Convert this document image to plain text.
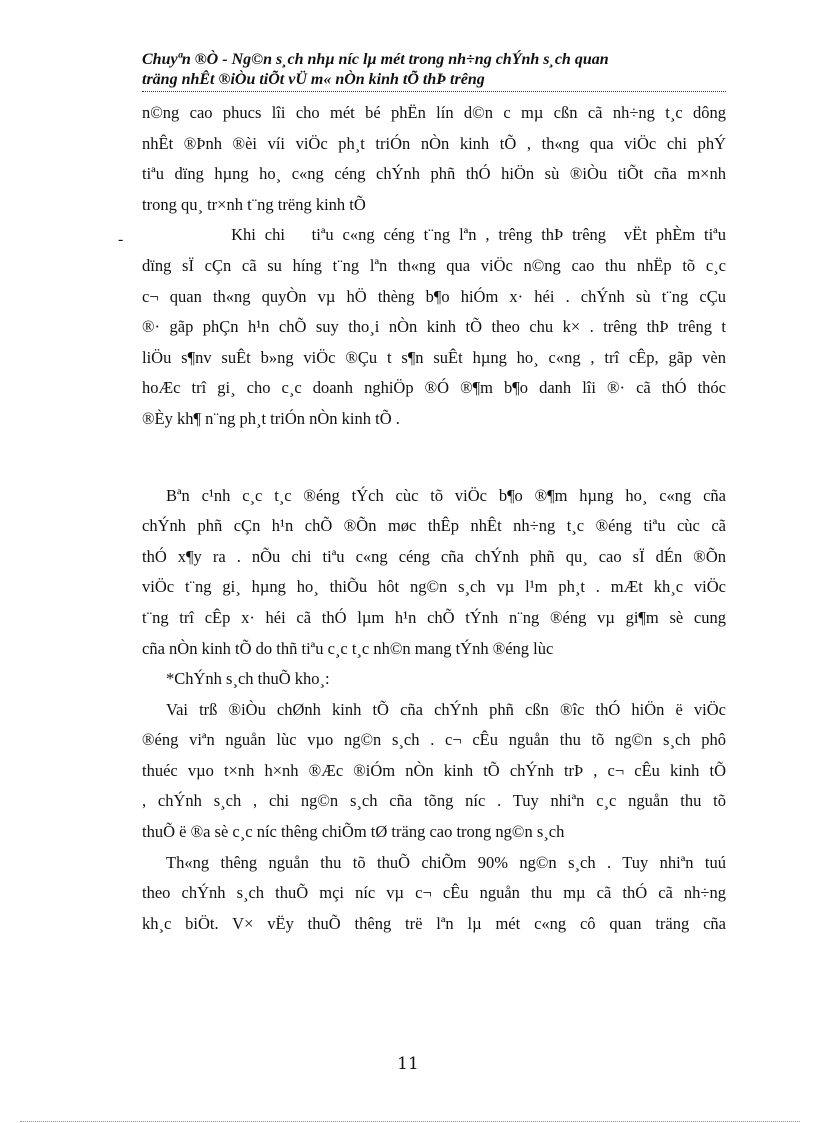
Chuyªn ®Ò - Ng©n s¸ch nhµ níc lµ mét trong nh÷ng chÝnh s¸ch quan
träng nhÊt ®iÒu tiÕt vÜ m« nÒn kinh tÕ thÞ trêng
-
n©ng cao phucs lîi cho mét bé phËn lín d©n c mµ cßn cã nh÷ng t¸c dông
nhÊt ®Þnh ®èi víi viÖc ph¸t triÓn nÒn kinh tÕ , th«ng qua viÖc chi phÝ
tiªu dïng hµng ho¸ c«ng céng chÝnh phñ thÓ hiÖn sù ®iÒu tiÕt cña m×nh
trong qu¸ tr×nh t¨ng trëng kinh tÕ
Khi chi   tiªu c«ng céng t¨ng lªn , trêng thÞ trêng  vËt phÈm tiªu
dïng sÏ cÇn cã su híng t¨ng lªn th«ng qua viÖc n©ng cao thu nhËp tõ c¸c
c¬ quan th«ng quyÒn vµ hÖ thèng b¶o hiÓm x· héi . chÝnh sù t¨ng cÇu
®· gãp phÇn h¹n chÕ suy tho¸i nÒn kinh tÕ theo chu k× . trêng thÞ trêng t
liÖu s¶nv suÊt b»ng viÖc ®Çu t s¶n suÊt hµng ho¸ c«ng , trî cÊp, gãp vèn
hoÆc trî gi¸ cho c¸c doanh nghiÖp ®Ó ®¶m b¶o danh lîi ®· cã thÓ thóc
®Èy kh¶ n¨ng ph¸t triÓn nÒn kinh tÕ .
Bªn c¹nh c¸c t¸c ®éng tÝch cùc tõ viÖc b¶o ®¶m hµng ho¸ c«ng cña
chÝnh phñ cÇn h¹n chÕ ®Õn møc thÊp nhÊt nh÷ng t¸c ®éng tiªu cùc cã
thÓ x¶y ra . nÕu chi tiªu c«ng céng cña chÝnh phñ qu¸ cao sÏ dÉn ®Õn
viÖc t¨ng gi¸ hµng ho¸ thiÕu hôt ng©n s¸ch vµ l¹m ph¸t . mÆt kh¸c viÖc
t¨ng trî cÊp x· héi cã thÓ lµm h¹n chÕ tÝnh n¨ng ®éng vµ gi¶m sè cung
cña nÒn kinh tÕ do thñ tiªu c¸c t¸c nh©n mang tÝnh ®éng lùc
*ChÝnh s¸ch thuÕ kho¸:
Vai trß ®iÒu chØnh kinh tÕ cña chÝnh phñ cßn ®îc thÓ hiÖn ë viÖc
®éng viªn nguån lùc vµo ng©n s¸ch . c¬ cÊu nguån thu tõ ng©n s¸ch phô
thuéc vµo t×nh h×nh ®Æc ®iÓm nÒn kinh tÕ chÝnh trÞ , c¬ cÊu kinh tÕ
, chÝnh s¸ch , chi ng©n s¸ch cña tõng níc . Tuy nhiªn c¸c nguån thu tõ
thuÕ ë ®a sè c¸c níc thêng chiÕm tØ träng cao trong ng©n s¸ch
Th«ng thêng nguån thu tõ thuÕ chiÕm 90% ng©n s¸ch . Tuy nhiªn tuú
theo chÝnh s¸ch thuÕ mçi níc vµ c¬ cÊu nguån thu mµ cã thÓ cã nh÷ng
kh¸c biÖt. V× vËy thuÕ thêng trë lªn lµ mét c«ng cô quan träng cña
11
